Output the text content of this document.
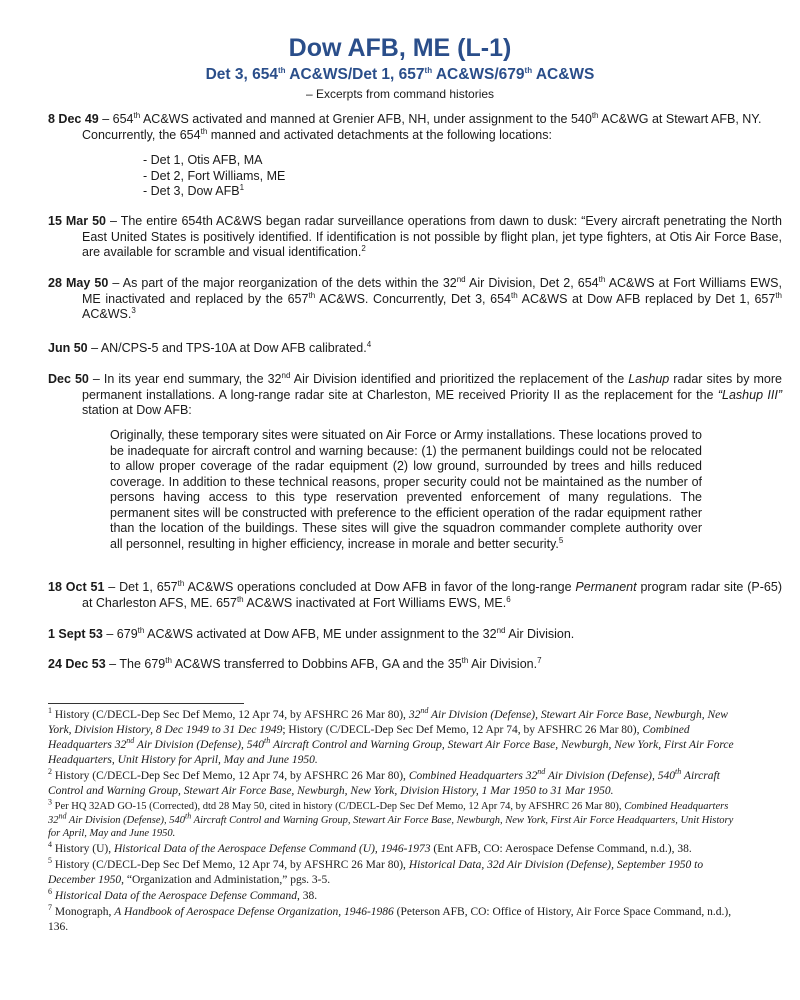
Dow AFB, ME (L-1)
Det 3, 654th AC&WS/Det 1, 657th AC&WS/679th AC&WS
– Excerpts from command histories
8 Dec 49 – 654th AC&WS activated and manned at Grenier AFB, NH, under assignment to the 540th AC&WG at Stewart AFB, NY. Concurrently, the 654th manned and activated detachments at the following locations:
- Det 1, Otis AFB, MA
- Det 2, Fort Williams, ME
- Det 3, Dow AFB$^1$
15 Mar 50 – The entire 654th AC&WS began radar surveillance operations from dawn to dusk: “Every aircraft penetrating the North East United States is positively identified. If identification is not possible by flight plan, jet type fighters, at Otis Air Force Base, are available for scramble and visual identification.$^2$
28 May 50 – As part of the major reorganization of the dets within the 32nd Air Division, Det 2, 654th AC&WS at Fort Williams EWS, ME inactivated and replaced by the 657th AC&WS. Concurrently, Det 3, 654th AC&WS at Dow AFB replaced by Det 1, 657th AC&WS.$^3$
Jun 50 – AN/CPS-5 and TPS-10A at Dow AFB calibrated.$^4$
Dec 50 – In its year end summary, the 32nd Air Division identified and prioritized the replacement of the Lashup radar sites by more permanent installations. A long-range radar site at Charleston, ME received Priority II as the replacement for the “Lashup III” station at Dow AFB:
Originally, these temporary sites were situated on Air Force or Army installations. These locations proved to be inadequate for aircraft control and warning because: (1) the permanent buildings could not be relocated to allow proper coverage of the radar equipment (2) low ground, surrounded by trees and hills reduced coverage. In addition to these technical reasons, proper security could not be maintained as the number of persons having access to this type reservation prevented enforcement of many regulations. The permanent sites will be constructed with preference to the efficient operation of the radar equipment rather than the location of the buildings. These sites will give the squadron commander complete authority over all personnel, resulting in higher efficiency, increase in morale and better security.$^5$
18 Oct 51 – Det 1, 657th AC&WS operations concluded at Dow AFB in favor of the long-range Permanent program radar site (P-65) at Charleston AFS, ME. 657th AC&WS inactivated at Fort Williams EWS, ME.$^6$
1 Sept 53 – 679th AC&WS activated at Dow AFB, ME under assignment to the 32nd Air Division.
24 Dec 53 – The 679th AC&WS transferred to Dobbins AFB, GA and the 35th Air Division.$^7$
$^1$ History (C/DECL-Dep Sec Def Memo, 12 Apr 74, by AFSHRC 26 Mar 80), 32nd Air Division (Defense), Stewart Air Force Base, Newburgh, New York, Division History, 8 Dec 1949 to 31 Dec 1949; History (C/DECL-Dep Sec Def Memo, 12 Apr 74, by AFSHRC 26 Mar 80), Combined Headquarters 32nd Air Division (Defense), 540th Aircraft Control and Warning Group, Stewart Air Force Base, Newburgh, New York, First Air Force Headquarters, Unit History for April, May and June 1950.
$^2$ History (C/DECL-Dep Sec Def Memo, 12 Apr 74, by AFSHRC 26 Mar 80), Combined Headquarters 32nd Air Division (Defense), 540th Aircraft Control and Warning Group, Stewart Air Force Base, Newburgh, New York, Division History, 1 Mar 1950 to 31 Mar 1950.
$^3$ Per HQ 32AD GO-15 (Corrected), dtd 28 May 50, cited in history (C/DECL-Dep Sec Def Memo, 12 Apr 74, by AFSHRC 26 Mar 80), Combined Headquarters 32nd Air Division (Defense), 540th Aircraft Control and Warning Group, Stewart Air Force Base, Newburgh, New York, First Air Force Headquarters, Unit History for April, May and June 1950.
$^4$ History (U), Historical Data of the Aerospace Defense Command (U), 1946-1973 (Ent AFB, CO: Aerospace Defense Command, n.d.), 38.
$^5$ History (C/DECL-Dep Sec Def Memo, 12 Apr 74, by AFSHRC 26 Mar 80), Historical Data, 32d Air Division (Defense), September 1950 to December 1950, “Organization and Administation,” pgs. 3-5.
$^6$ Historical Data of the Aerospace Defense Command, 38.
$^7$ Monograph, A Handbook of Aerospace Defense Organization, 1946-1986 (Peterson AFB, CO: Office of History, Air Force Space Command, n.d.), 136.
